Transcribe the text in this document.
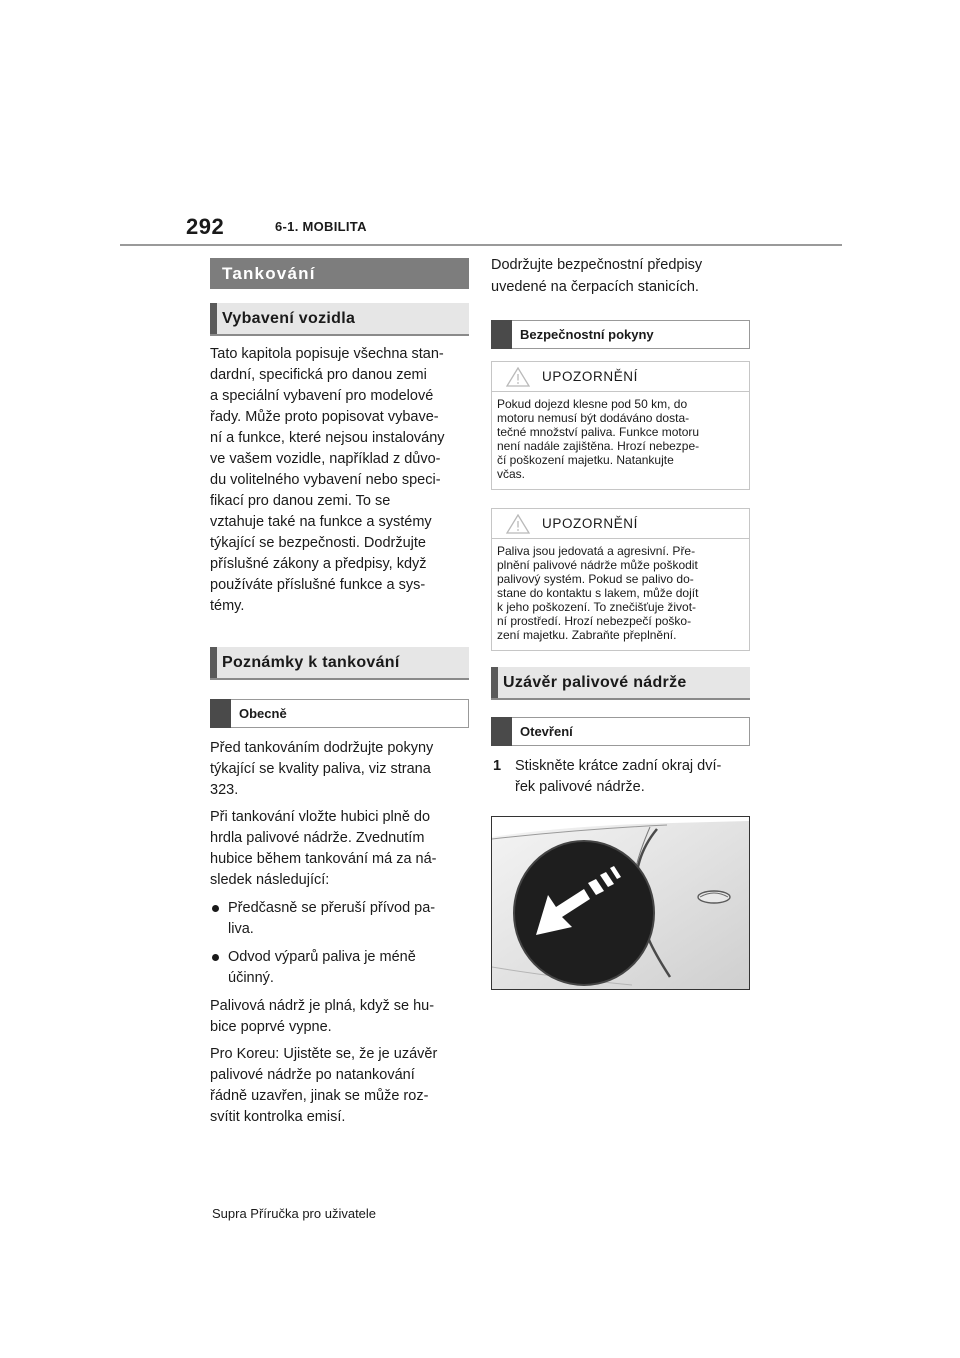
292	6-1. MOBILITA
Tankování
Vybavení vozidla

Tato kapitola popisuje všechna stan-
dardní, specifická pro danou zemi
a speciální vybavení pro modelové
řady. Může proto popisovat vybave-
ní a funkce, které nejsou instalovány
ve vašem vozidle, například z důvo-
du volitelného vybavení nebo speci-
fikací pro danou zemi. To se
vztahuje také na funkce a systémy
týkající se bezpečnosti. Dodržujte
příslušné zákony a předpisy, když
používáte příslušné funkce a sys-
témy.

Poznámky k tankování
Obecně

Před tankováním dodržujte pokyny
týkající se kvality paliva, viz strana
323.

Při tankování vložte hubici plně do
hrdla palivové nádrže. Zvednutím
hubice během tankování má za ná-
sledek následující:

Předčasně se přeruší přívod pa-
liva.
Odvod výparů paliva je méně
účinný.

Palivová nádrž je plná, když se hu-
bice poprvé vypne.

Pro Koreu: Ujistěte se, že je uzávěr
palivové nádrže po natankování
řádně uzavřen, jinak se může roz-
svítit kontrolka emisí.

Dodržujte bezpečnostní předpisy
uvedené na čerpacích stanicích.

Bezpečnostní pokyny
UPOZORNĚNÍ

Pokud dojezd klesne pod 50 km, do
motoru nemusí být dodáváno dosta-
tečné množství paliva. Funkce motoru
není nadále zajištěna. Hrozí nebezpe-
čí poškození majetku. Natankujte
včas.

UPOZORNĚNÍ

Paliva jsou jedovatá a agresivní. Pře-
plnění palivové nádrže může poškodit
palivový systém. Pokud se palivo do-
stane do kontaktu s lakem, může dojít
k jeho poškození. To znečišťuje život-
ní prostředí. Hrozí nebezpečí poško-
zení majetku. Zabraňte přeplnění.

Uzávěr palivové nádrže
Otevření
1 Stiskněte krátce zadní okraj dví-
řek palivové nádrže.
Supra Příručka pro uživatele
